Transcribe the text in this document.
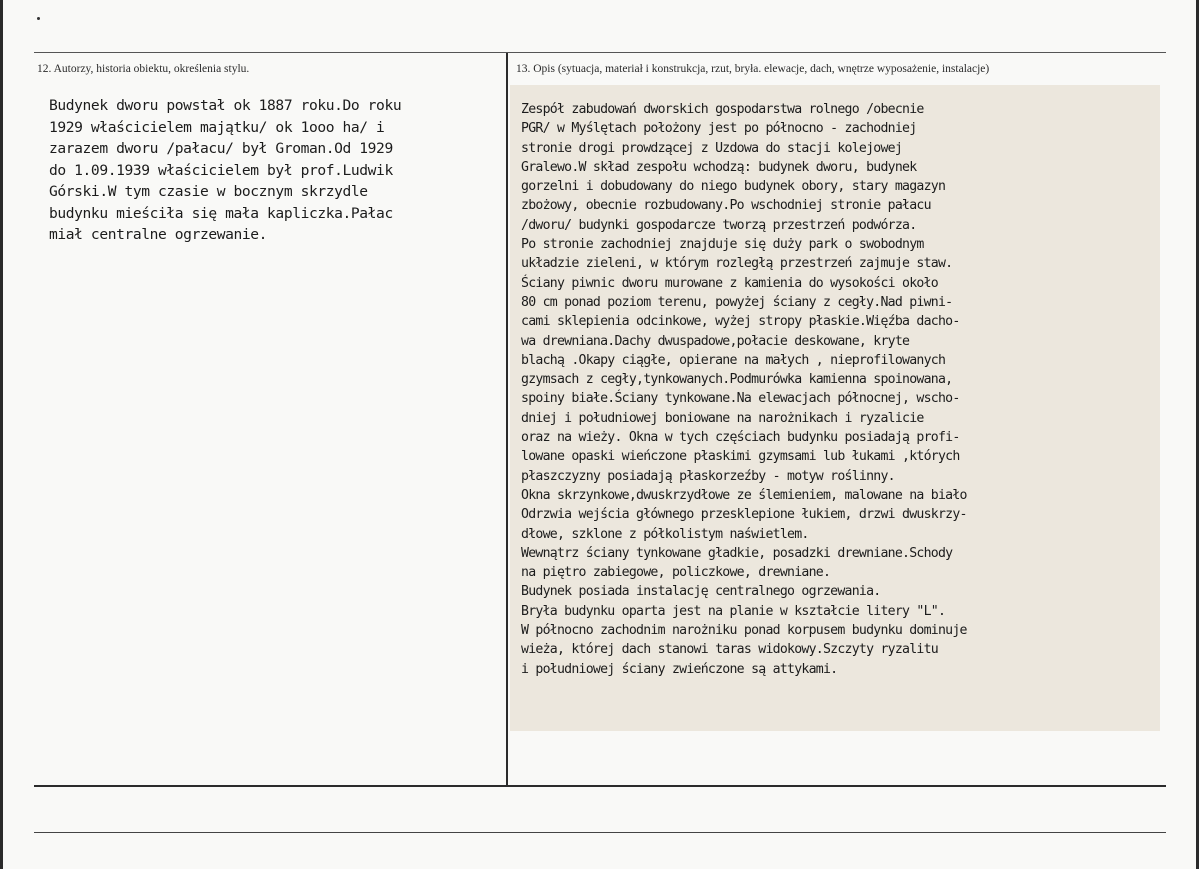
12. Autorzy, historia obiektu, określenia stylu.	13. Opis (sytuacja, materiał i konstrukcja, rzut, bryła. elewacje, dach, wnętrze wyposażenie, instalacje)
Budynek dworu powstał ok 1887 roku.Do roku
1929 właścicielem majątku/ ok 1ooo ha/ i
zarazem dworu /pałacu/ był Groman.Od 1929
do 1.09.1939 właścicielem był prof.Ludwik
Górski.W tym czasie w bocznym skrzydle
budynku mieściła się mała kapliczka.Pałac
miał centralne ogrzewanie.
Zespół zabudowań dworskich gospodarstwa rolnego /obecnie
PGR/ w Myślętach położony jest po północno - zachodniej
stronie drogi prowdzącej z Uzdowa do stacji kolejowej
Gralewo.W skład zespołu wchodzą: budynek dworu, budynek
gorzelni i dobudowany do niego budynek obory, stary magazyn
zbożowy, obecnie rozbudowany.Po wschodniej stronie pałacu
/dworu/ budynki gospodarcze tworzą przestrzeń podwórza.
Po stronie zachodniej znajduje się duży park o swobodnym
układzie zieleni, w którym rozległą przestrzeń zajmuje staw.
Ściany piwnic dworu murowane z kamienia do wysokości około
80 cm ponad poziom terenu, powyżej ściany z cegły.Nad piwni-
cami sklepienia odcinkowe, wyżej stropy płaskie.Więźba dacho-
wa drewniana.Dachy dwuspadowe,połacie deskowane, kryte
blachą .Okapy ciągłe, opierane na małych , nieprofilowanych
gzymsach z cegły,tynkowanych.Podmurówka kamienna spoinowana,
spoiny białe.Ściany tynkowane.Na elewacjach północnej, wscho-
dniej i południowej boniowane na narożnikach i ryzalicie
oraz na wieży. Okna w tych częściach budynku posiadają profi-
lowane opaski wieńczone płaskimi gzymsami lub łukami ,których
płaszczyzny posiadają płaskorzeźby - motyw roślinny.
Okna skrzynkowe,dwuskrzydłowe ze ślemieniem, malowane na biało
Odrzwia wejścia głównego przesklepione łukiem, drzwi dwuskrzy-
dłowe, szklone z półkolistym naświetlem.
Wewnątrz ściany tynkowane gładkie, posadzki drewniane.Schody
na piętro zabiegowe, policzkowe, drewniane.
Budynek posiada instalację centralnego ogrzewania.
Bryła budynku oparta jest na planie w kształcie litery "L".
W północno zachodnim narożniku ponad korpusem budynku dominuje
wieża, której dach stanowi taras widokowy.Szczyty ryzalitu
i południowej ściany zwieńczone są attykami.
